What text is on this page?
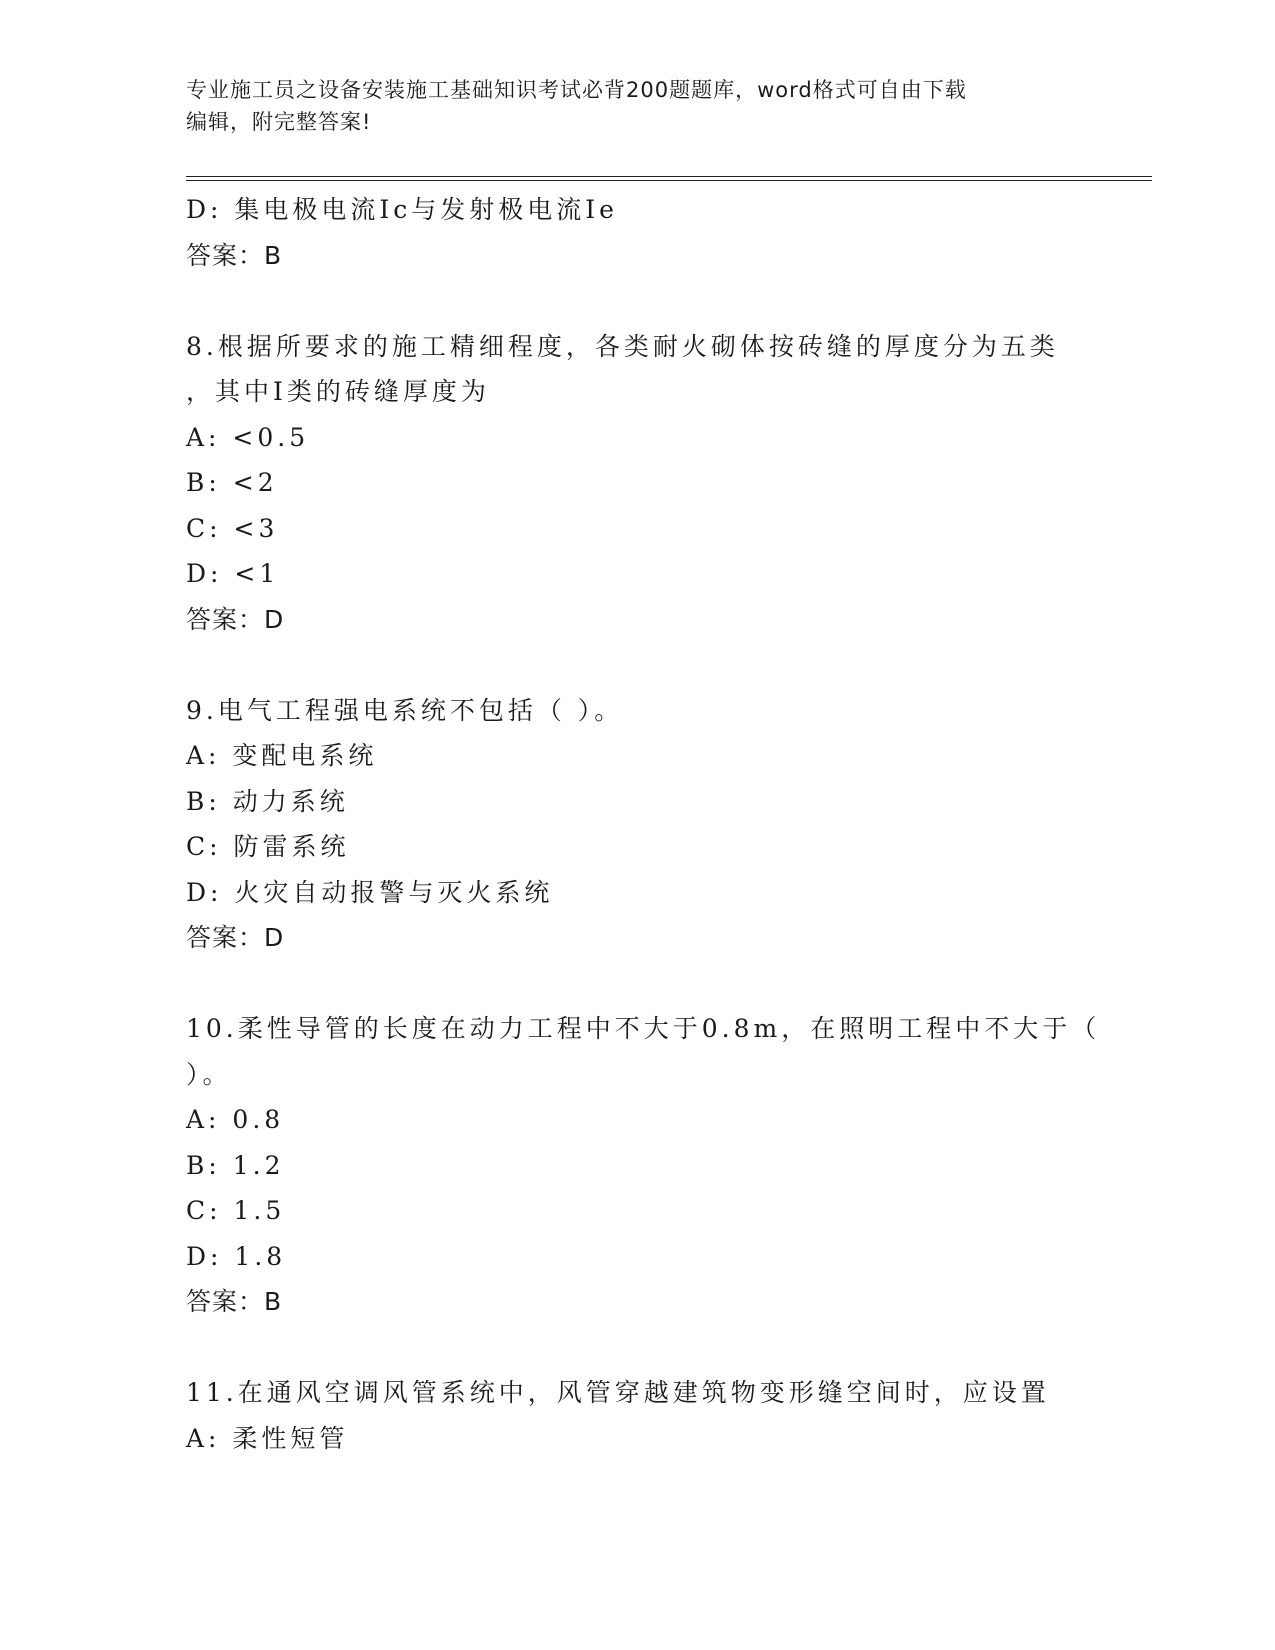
专业施工员之设备安装施工基础知识考试必背200题题库，word格式可自由下载
编辑，附完整答案!
D: 集电极电流Ic与发射极电流Ie
答案：B
8.根据所要求的施工精细程度，各类耐火砌体按砖缝的厚度分为五类
，其中Ⅰ类的砖缝厚度为
A: <0.5
B: <2
C: <3
D: <1
答案：D
9.电气工程强电系统不包括（ ）。
A: 变配电系统
B: 动力系统
C: 防雷系统
D: 火灾自动报警与灭火系统
答案：D
10.柔性导管的长度在动力工程中不大于0.8m，在照明工程中不大于（
）。
A: 0.8
B: 1.2
C: 1.5
D: 1.8
答案：B
11.在通风空调风管系统中，风管穿越建筑物变形缝空间时，应设置
A: 柔性短管
